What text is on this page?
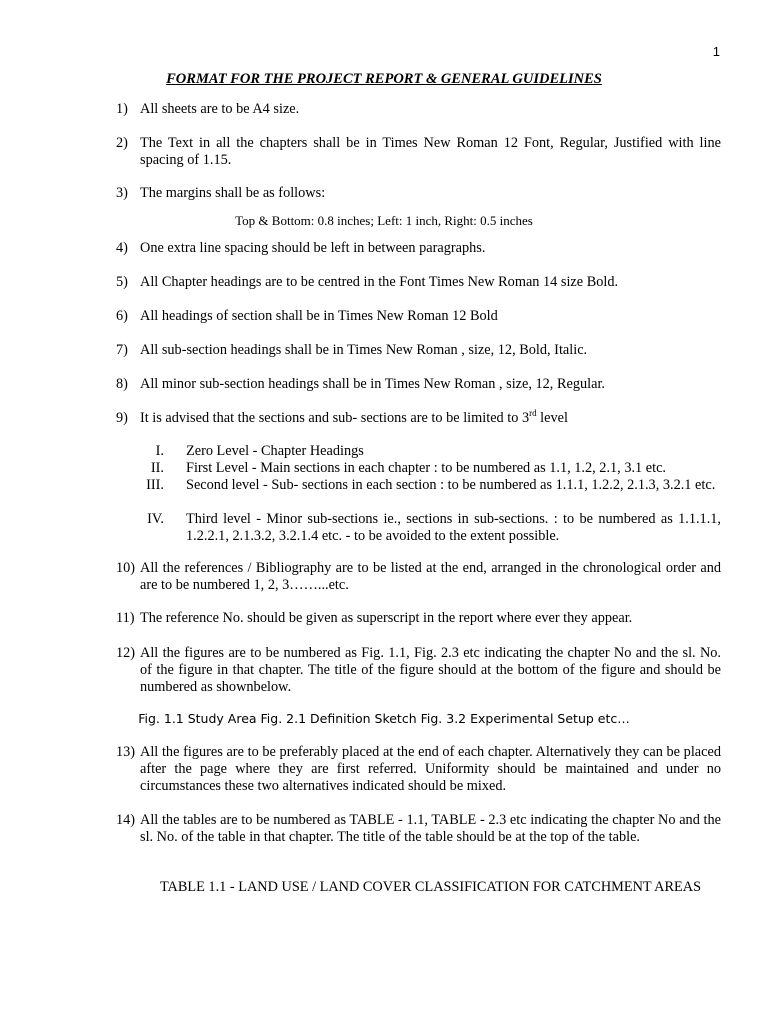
1
FORMAT FOR THE PROJECT REPORT & GENERAL GUIDELINES
1) All sheets are to be A4 size.
2) The Text in all the chapters shall be in Times New Roman 12 Font, Regular, Justified with line spacing of 1.15.
3) The margins shall be as follows:
Top & Bottom: 0.8 inches; Left: 1 inch, Right: 0.5 inches
4) One extra line spacing should be left in between paragraphs.
5) All Chapter headings are to be centred in the Font Times New Roman 14 size Bold.
6) All headings of section shall be in Times New Roman 12 Bold
7) All sub-section headings shall be in Times New Roman , size, 12, Bold, Italic.
8) All minor sub-section headings shall be in Times New Roman , size, 12, Regular.
9) It is advised that the sections and sub- sections are to be limited to 3rd level
I. Zero Level - Chapter Headings
II. First Level - Main sections in each chapter : to be numbered as 1.1, 1.2, 2.1, 3.1 etc.
III. Second level - Sub- sections in each section : to be numbered as 1.1.1, 1.2.2, 2.1.3, 3.2.1 etc.
IV. Third level - Minor sub-sections ie., sections in sub-sections. : to be numbered as 1.1.1.1, 1.2.2.1, 2.1.3.2, 3.2.1.4 etc. - to be avoided to the extent possible.
10) All the references / Bibliography are to be listed at the end, arranged in the chronological order and are to be numbered 1, 2, 3……...etc.
11) The reference No. should be given as superscript in the report where ever they appear.
12) All the figures are to be numbered as Fig. 1.1, Fig. 2.3 etc indicating the chapter No and the sl. No. of the figure in that chapter. The title of the figure should at the bottom of the figure and should be numbered as shownbelow.
Fig. 1.1 Study Area Fig. 2.1 Definition Sketch Fig. 3.2 Experimental Setup etc…
13) All the figures are to be preferably placed at the end of each chapter. Alternatively they can be placed after the page where they are first referred. Uniformity should be maintained and under no circumstances these two alternatives indicated should be mixed.
14) All the tables are to be numbered as TABLE - 1.1, TABLE - 2.3 etc indicating the chapter No and the sl. No. of the table in that chapter. The title of the table should be at the top of the table.
TABLE 1.1 - LAND USE / LAND COVER CLASSIFICATION FOR CATCHMENT AREAS
